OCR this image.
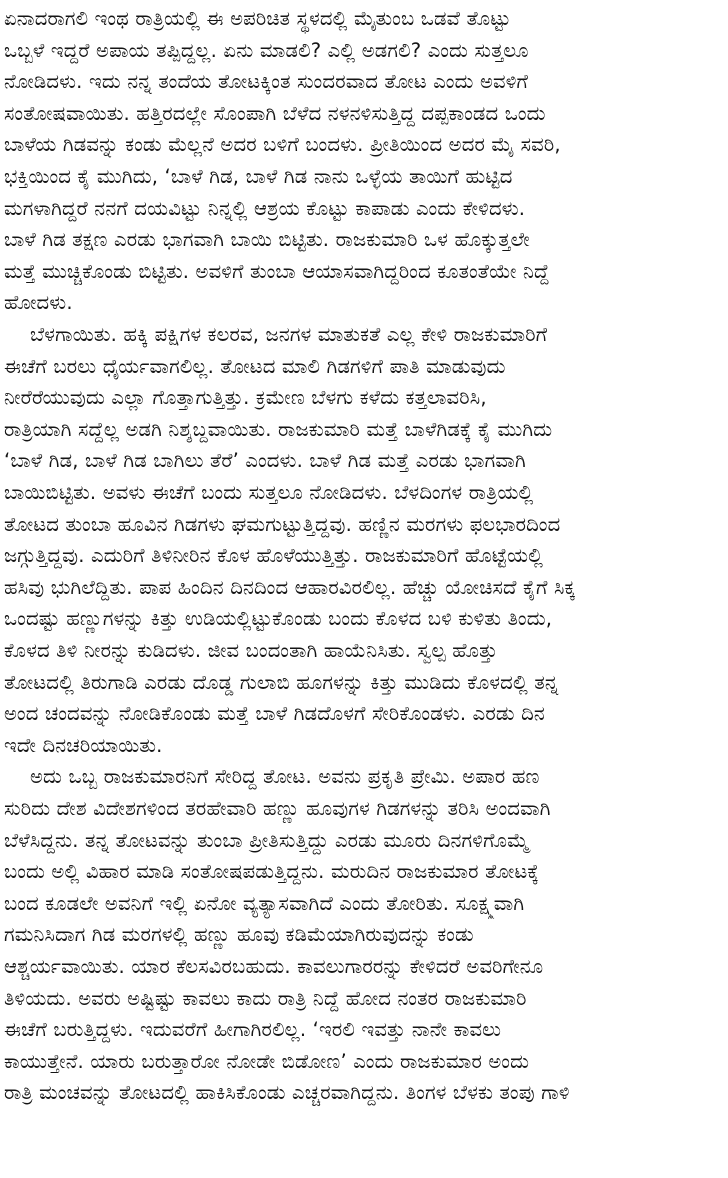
ಏನಾದರಾಗಲಿ ಇಂಥ ರಾತ್ರಿಯಲ್ಲಿ ಈ ಅಪರಿಚಿತ ಸ್ಥಳದಲ್ಲಿ ಮೈತುಂಬ ಒಡವೆ ತೊಟ್ಟು
ಒಬ್ಬಳೆ ಇದ್ದರೆ ಅಪಾಯ ತಪ್ಪಿದ್ದಲ್ಲ. ಏನು ಮಾಡಲಿ? ಎಲ್ಲಿ ಅಡಗಲಿ? ಎಂದು ಸುತ್ತಲೂ
ನೋಡಿದಳು. ಇದು ನನ್ನ ತಂದೆಯ ತೋಟಕ್ಕಿಂತ ಸುಂದರವಾದ ತೋಟ ಎಂದು ಅವಳಿಗೆ
ಸಂತೋಷವಾಯಿತು. ಹತ್ತಿರದಲ್ಲೇ ಸೊಂಪಾಗಿ ಬೆಳೆದ ನಳನಳಿಸುತ್ತಿದ್ದ ದಪ್ಪಕಾಂಡದ ಒಂದು
ಬಾಳೆಯ ಗಿಡವನ್ನು ಕಂಡು ಮೆಲ್ಲನೆ ಅದರ ಬಳಿಗೆ ಬಂದಳು. ಪ್ರೀತಿಯಿಂದ ಅದರ ಮೈ ಸವರಿ,
ಭಕ್ತಿಯಿಂದ ಕೈ ಮುಗಿದು, ‘ಬಾಳೆ ಗಿಡ, ಬಾಳೆ ಗಿಡ ನಾನು ಒಳ್ಳೆಯ ತಾಯಿಗೆ ಹುಟ್ಟಿದ
ಮಗಳಾಗಿದ್ದರೆ ನನಗೆ ದಯವಿಟ್ಟು ನಿನ್ನಲ್ಲಿ ಆಶ್ರಯ ಕೊಟ್ಟು ಕಾಪಾಡು ಎಂದು ಕೇಳಿದಳು.
ಬಾಳೆ ಗಿಡ ತಕ್ಷಣ ಎರಡು ಭಾಗವಾಗಿ ಬಾಯಿ ಬಿಟ್ಟಿತು. ರಾಜಕುಮಾರಿ ಒಳ ಹೊಕ್ಕುತ್ತಲೇ
ಮತ್ತೆ ಮುಚ್ಚಿಕೊಂಡು ಬಿಟ್ಟಿತು. ಅವಳಿಗೆ ತುಂಬಾ ಆಯಾಸವಾಗಿದ್ದರಿಂದ ಕೂತಂತೆಯೇ ನಿದ್ದೆ
ಹೋದಳು.
ಬೆಳಗಾಯಿತು. ಹಕ್ಕಿ ಪಕ್ಷಿಗಳ ಕಲರವ, ಜನಗಳ ಮಾತುಕತೆ ಎಲ್ಲ ಕೇಳಿ ರಾಜಕುಮಾರಿಗೆ
ಈಚೆಗೆ ಬರಲು ಧೈರ್ಯವಾಗಲಿಲ್ಲ. ತೋಟದ ಮಾಲಿ ಗಿಡಗಳಿಗೆ ಪಾತಿ ಮಾಡುವುದು
ನೀರೆರೆಯುವುದು ಎಲ್ಲಾ ಗೊತ್ತಾಗುತ್ತಿತ್ತು. ಕ್ರಮೇಣ ಬೆಳಗು ಕಳೆದು ಕತ್ತಲಾವರಿಸಿ,
ರಾತ್ರಿಯಾಗಿ ಸದ್ದೆಲ್ಲ ಅಡಗಿ ನಿಶ್ಶಬ್ದವಾಯಿತು. ರಾಜಕುಮಾರಿ ಮತ್ತೆ ಬಾಳೆಗಿಡಕ್ಕೆ ಕೈ ಮುಗಿದು
‘ಬಾಳೆ ಗಿಡ, ಬಾಳೆ ಗಿಡ ಬಾಗಿಲು ತೆರೆ’ ಎಂದಳು. ಬಾಳೆ ಗಿಡ ಮತ್ತೆ ಎರಡು ಭಾಗವಾಗಿ
ಬಾಯಿಬಿಟ್ಟಿತು. ಅವಳು ಈಚೆಗೆ ಬಂದು ಸುತ್ತಲೂ ನೋಡಿದಳು. ಬೆಳದಿಂಗಳ ರಾತ್ರಿಯಲ್ಲಿ
ತೋಟದ ತುಂಬಾ ಹೂವಿನ ಗಿಡಗಳು ಘಮಗುಟ್ಟುತ್ತಿದ್ದವು. ಹಣ್ಣಿನ ಮರಗಳು ಫಲಭಾರದಿಂದ
ಜಗ್ಗುತ್ತಿದ್ದವು. ಎದುರಿಗೆ ತಿಳಿನೀರಿನ ಕೊಳ ಹೊಳೆಯುತ್ತಿತ್ತು. ರಾಜಕುಮಾರಿಗೆ ಹೊಟ್ಟೆಯಲ್ಲಿ
ಹಸಿವು ಭುಗಿಲೆದ್ದಿತು. ಪಾಪ ಹಿಂದಿನ ದಿನದಿಂದ ಆಹಾರವಿರಲಿಲ್ಲ. ಹೆಚ್ಚು ಯೋಚಿಸದೆ ಕೈಗೆ ಸಿಕ್ಕ
ಒಂದಷ್ಟು ಹಣ್ಣುಗಳನ್ನು ಕಿತ್ತು ಉಡಿಯಲ್ಲಿಟ್ಟುಕೊಂಡು ಬಂದು ಕೊಳದ ಬಳಿ ಕುಳಿತು ತಿಂದು,
ಕೊಳದ ತಿಳಿ ನೀರನ್ನು ಕುಡಿದಳು. ಜೀವ ಬಂದಂತಾಗಿ ಹಾಯೆನಿಸಿತು. ಸ್ವಲ್ಪ ಹೊತ್ತು
ತೋಟದಲ್ಲಿ ತಿರುಗಾಡಿ ಎರಡು ದೊಡ್ಡ ಗುಲಾಬಿ ಹೂಗಳನ್ನು ಕಿತ್ತು ಮುಡಿದು ಕೊಳದಲ್ಲಿ ತನ್ನ
ಅಂದ ಚಂದವನ್ನು ನೋಡಿಕೊಂಡು ಮತ್ತೆ ಬಾಳೆ ಗಿಡದೊಳಗೆ ಸೇರಿಕೊಂಡಳು. ಎರಡು ದಿನ
ಇದೇ ದಿನಚರಿಯಾಯಿತು.
ಅದು ಒಬ್ಬ ರಾಜಕುಮಾರನಿಗೆ ಸೇರಿದ್ದ ತೋಟ. ಅವನು ಪ್ರಕೃತಿ ಪ್ರೇಮಿ. ಅಪಾರ ಹಣ
ಸುರಿದು ದೇಶ ವಿದೇಶಗಳಿಂದ ತರಹೇವಾರಿ ಹಣ್ಣು ಹೂವುಗಳ ಗಿಡಗಳನ್ನು ತರಿಸಿ ಅಂದವಾಗಿ
ಬೆಳೆಸಿದ್ದನು. ತನ್ನ ತೋಟವನ್ನು ತುಂಬಾ ಪ್ರೀತಿಸುತ್ತಿದ್ದು ಎರಡು ಮೂರು ದಿನಗಳಿಗೊಮ್ಮೆ
ಬಂದು ಅಲ್ಲಿ ವಿಹಾರ ಮಾಡಿ ಸಂತೋಷಪಡುತ್ತಿದ್ದನು. ಮರುದಿನ ರಾಜಕುಮಾರ ತೋಟಕ್ಕೆ
ಬಂದ ಕೂಡಲೇ ಅವನಿಗೆ ಇಲ್ಲಿ ಏನೋ ವ್ಯತ್ಯಾಸವಾಗಿದೆ ಎಂದು ತೋರಿತು. ಸೂಕ್ಷ್ಮವಾಗಿ
ಗಮನಿಸಿದಾಗ ಗಿಡ ಮರಗಳಲ್ಲಿ ಹಣ್ಣು ಹೂವು ಕಡಿಮೆಯಾಗಿರುವುದನ್ನು ಕಂಡು
ಆಶ್ಚರ್ಯವಾಯಿತು. ಯಾರ ಕೆಲಸವಿರಬಹುದು. ಕಾವಲುಗಾರರನ್ನು ಕೇಳಿದರೆ ಅವರಿಗೇನೂ
ತಿಳಿಯದು. ಅವರು ಅಷ್ಟಿಷ್ಟು ಕಾವಲು ಕಾದು ರಾತ್ರಿ ನಿದ್ದೆ ಹೋದ ನಂತರ ರಾಜಕುಮಾರಿ
ಈಚೆಗೆ ಬರುತ್ತಿದ್ದಳು. ಇದುವರೆಗೆ ಹೀಗಾಗಿರಲಿಲ್ಲ. ‘ಇರಲಿ ಇವತ್ತು ನಾನೇ ಕಾವಲು
ಕಾಯುತ್ತೇನೆ. ಯಾರು ಬರುತ್ತಾರೋ ನೋಡೇ ಬಿಡೋಣ’ ಎಂದು ರಾಜಕುಮಾರ ಅಂದು
ರಾತ್ರಿ ಮಂಚವನ್ನು ತೋಟದಲ್ಲಿ ಹಾಕಿಸಿಕೊಂಡು ಎಚ್ಚರವಾಗಿದ್ದನು. ತಿಂಗಳ ಬೆಳಕು ತಂಪು ಗಾಳಿ
